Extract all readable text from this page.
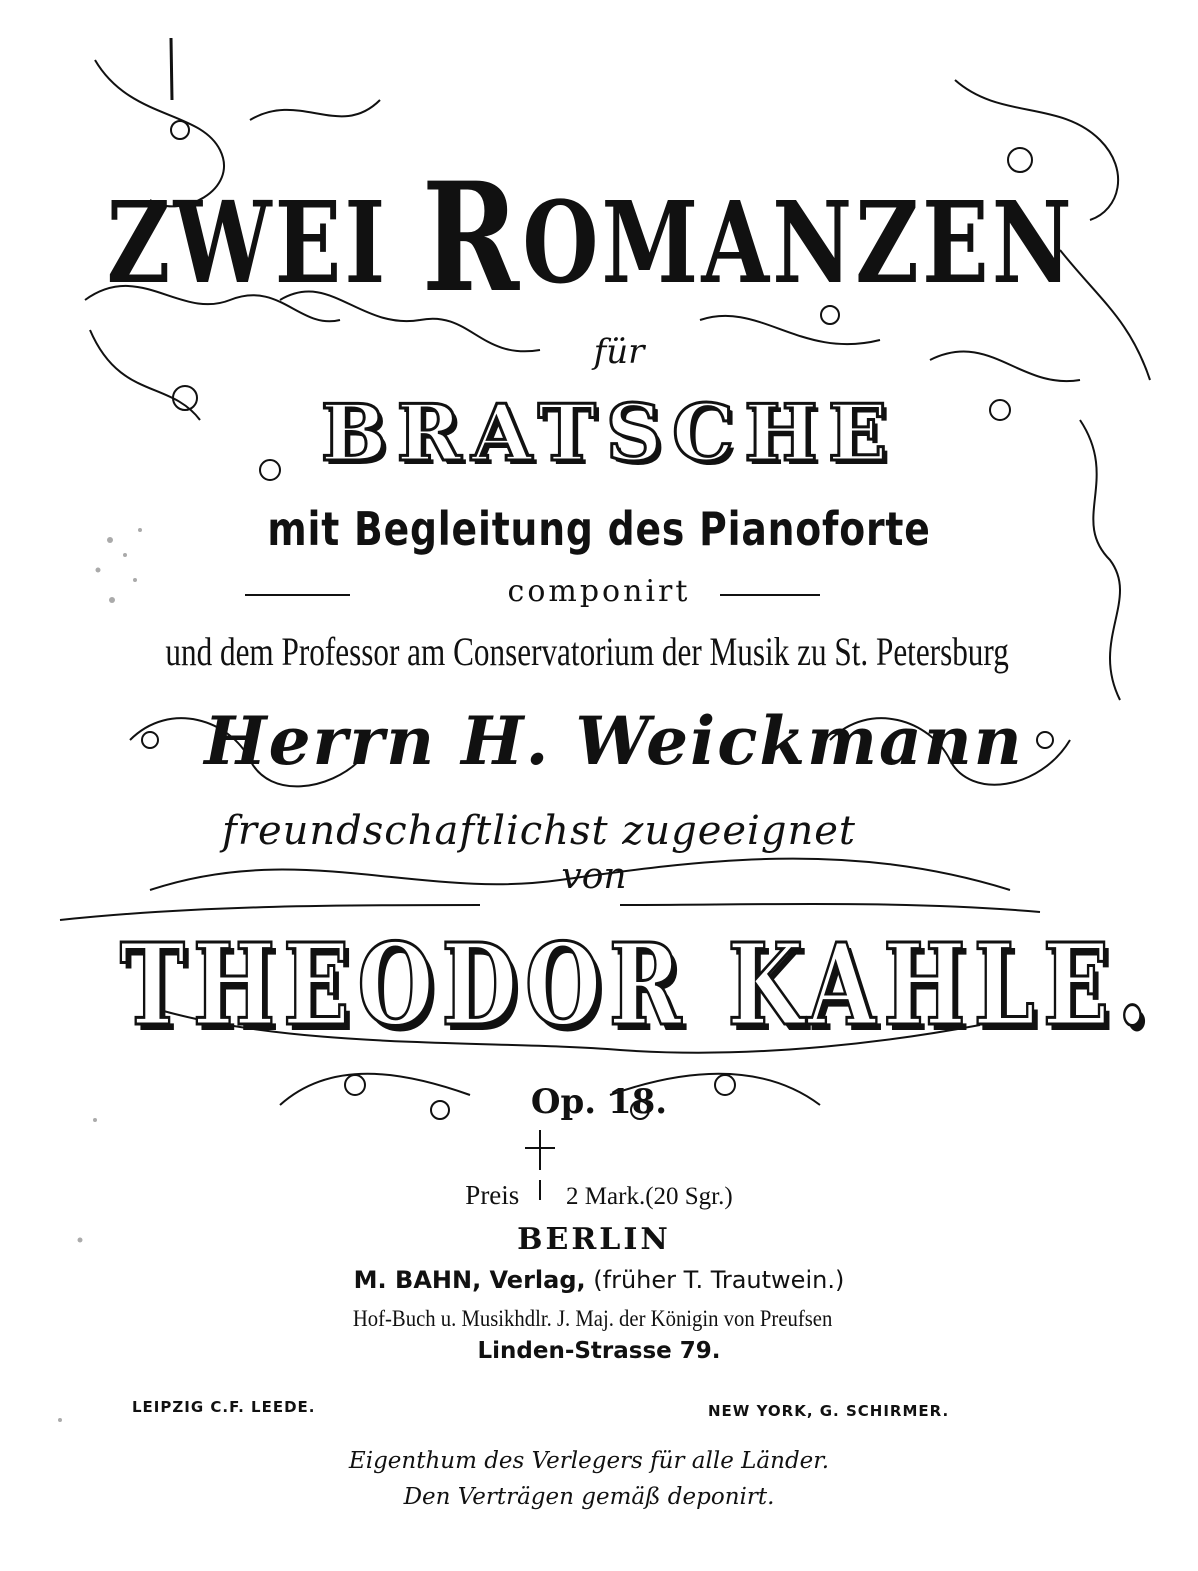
ZWEI ROMANZEN
für
BRATSCHE
mit Begleitung des Pianoforte
componirt
und dem Professor am Conservatorium der Musik zu St. Petersburg
Herrn H. Weickmann
freundschaftlichst zugeeignet
von
THEODOR KAHLE.
Op. 18.
Preis 2 Mark.(20 Sgr.)
BERLIN
M. BAHN, Verlag, (früher T. Trautwein.)
Hof-Buch u. Musikhdlr. J. Maj. der Königin von Preufsen
Linden-Strasse 79.
LEIPZIG C.F. LEEDE.	NEW YORK, G. SCHIRMER.
Eigenthum des Verlegers für alle Länder.
Den Verträgen gemäß deponirt.
